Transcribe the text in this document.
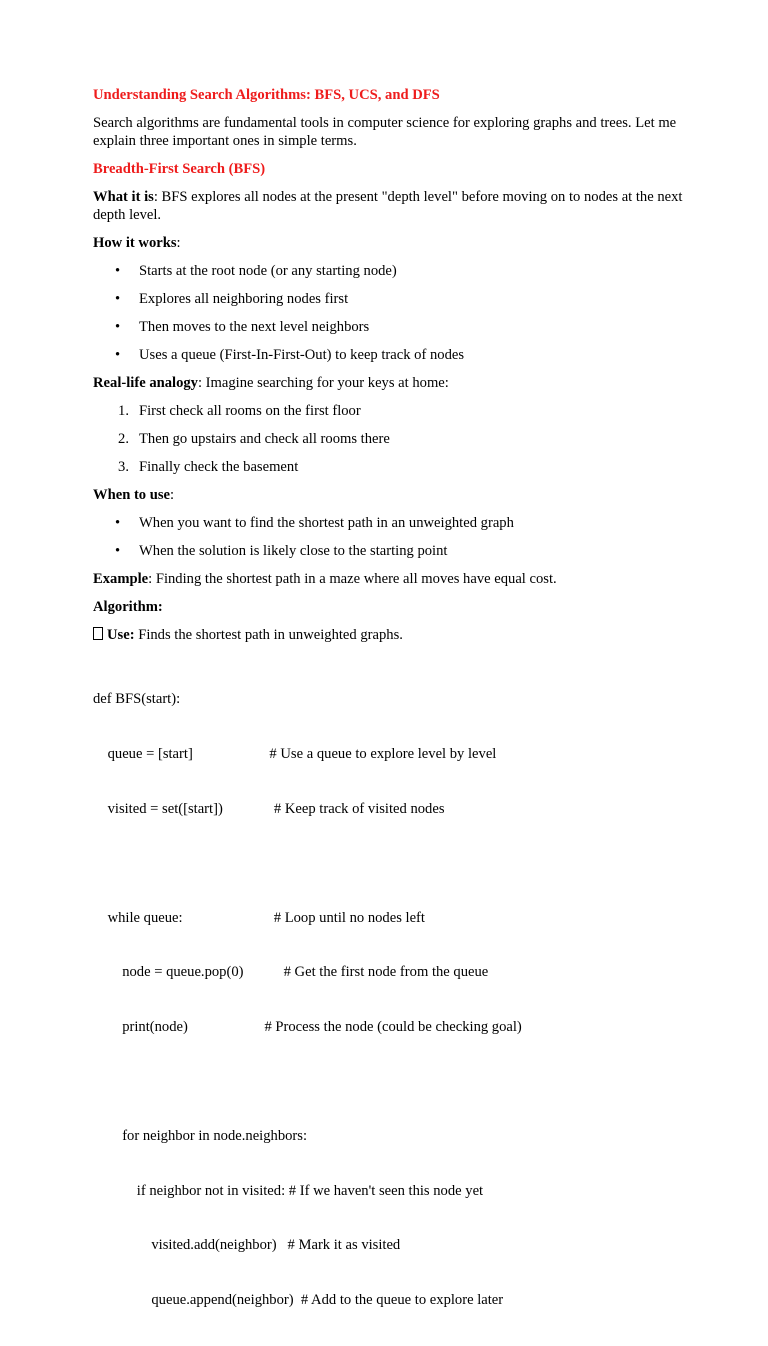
Understanding Search Algorithms: BFS, UCS, and DFS

Search algorithms are fundamental tools in computer science for exploring graphs and trees. Let me explain three important ones in simple terms.

Breadth-First Search (BFS)

What it is: BFS explores all nodes at the present "depth level" before moving on to nodes at the next depth level.

How it works:

• Starts at the root node (or any starting node)
• Explores all neighboring nodes first
• Then moves to the next level neighbors
• Uses a queue (First-In-First-Out) to keep track of nodes

Real-life analogy: Imagine searching for your keys at home:

1. First check all rooms on the first floor
2. Then go upstairs and check all rooms there
3. Finally check the basement

When to use:

• When you want to find the shortest path in an unweighted graph
• When the solution is likely close to the starting point

Example: Finding the shortest path in a maze where all moves have equal cost.

Algorithm:

Use: Finds the shortest path in unweighted graphs.

def BFS(start):

queue = [start]                     # Use a queue to explore level by level

visited = set([start])              # Keep track of visited nodes

while queue:                         # Loop until no nodes left

node = queue.pop(0)           # Get the first node from the queue

print(node)                     # Process the node (could be checking goal)

for neighbor in node.neighbors:

if neighbor not in visited: # If we haven't seen this node yet

visited.add(neighbor)   # Mark it as visited

queue.append(neighbor)  # Add to the queue to explore later
